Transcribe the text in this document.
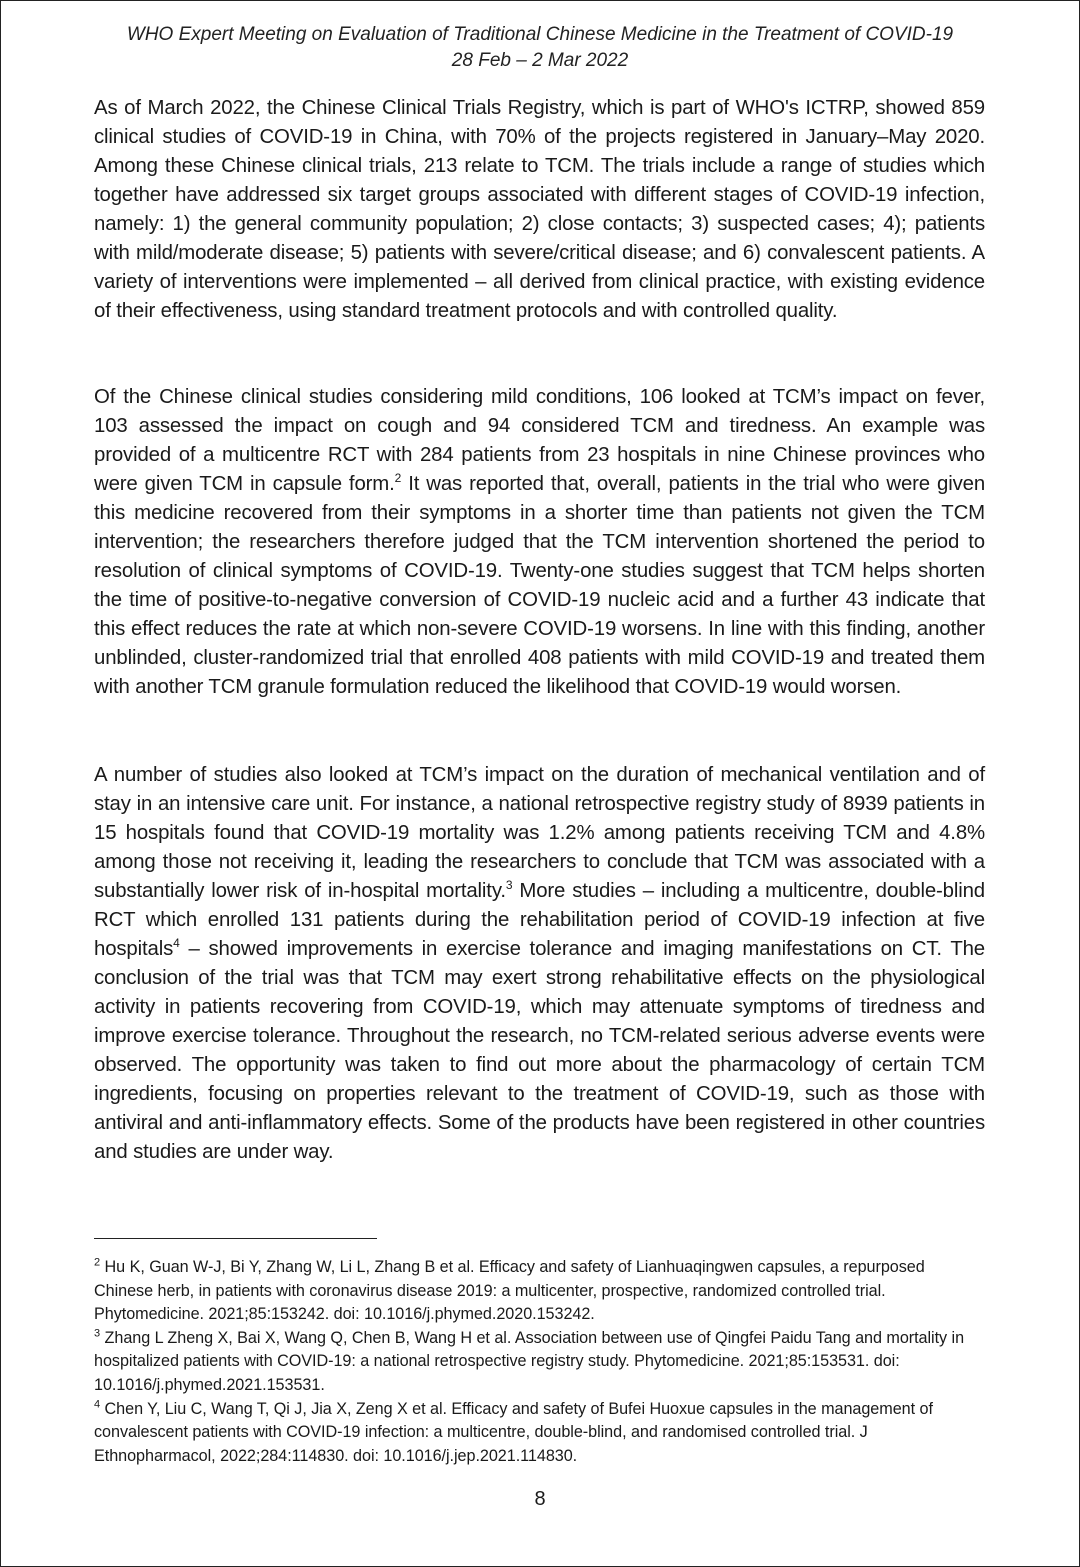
WHO Expert Meeting on Evaluation of Traditional Chinese Medicine in the Treatment of COVID-19
28 Feb – 2 Mar 2022

As of March 2022, the Chinese Clinical Trials Registry, which is part of WHO's ICTRP, showed 859 clinical studies of COVID-19 in China, with 70% of the projects registered in January–May 2020. Among these Chinese clinical trials, 213 relate to TCM. The trials include a range of studies which together have addressed six target groups associated with different stages of COVID-19 infection, namely: 1) the general community population; 2) close contacts; 3) suspected cases; 4); patients with mild/moderate disease; 5) patients with severe/critical disease; and 6) convalescent patients. A variety of interventions were implemented – all derived from clinical practice, with existing evidence of their effectiveness, using standard treatment protocols and with controlled quality.

Of the Chinese clinical studies considering mild conditions, 106 looked at TCM’s impact on fever, 103 assessed the impact on cough and 94 considered TCM and tiredness. An example was provided of a multicentre RCT with 284 patients from 23 hospitals in nine Chinese provinces who were given TCM in capsule form.$^2$ It was reported that, overall, patients in the trial who were given this medicine recovered from their symptoms in a shorter time than patients not given the TCM intervention; the researchers therefore judged that the TCM intervention shortened the period to resolution of clinical symptoms of COVID-19. Twenty-one studies suggest that TCM helps shorten the time of positive-to-negative conversion of COVID-19 nucleic acid and a further 43 indicate that this effect reduces the rate at which non-severe COVID-19 worsens. In line with this finding, another unblinded, cluster-randomized trial that enrolled 408 patients with mild COVID-19 and treated them with another TCM granule formulation reduced the likelihood that COVID-19 would worsen.

A number of studies also looked at TCM’s impact on the duration of mechanical ventilation and of stay in an intensive care unit. For instance, a national retrospective registry study of 8939 patients in 15 hospitals found that COVID-19 mortality was 1.2% among patients receiving TCM and 4.8% among those not receiving it, leading the researchers to conclude that TCM was associated with a substantially lower risk of in-hospital mortality.$^3$ More studies – including a multicentre, double-blind RCT which enrolled 131 patients during the rehabilitation period of COVID-19 infection at five hospitals$^4$ – showed improvements in exercise tolerance and imaging manifestations on CT. The conclusion of the trial was that TCM may exert strong rehabilitative effects on the physiological activity in patients recovering from COVID-19, which may attenuate symptoms of tiredness and improve exercise tolerance. Throughout the research, no TCM-related serious adverse events were observed. The opportunity was taken to find out more about the pharmacology of certain TCM ingredients, focusing on properties relevant to the treatment of COVID-19, such as those with antiviral and anti-inflammatory effects. Some of the products have been registered in other countries and studies are under way.

$^2$ Hu K, Guan W-J, Bi Y, Zhang W, Li L, Zhang B et al. Efficacy and safety of Lianhuaqingwen capsules, a repurposed Chinese herb, in patients with coronavirus disease 2019: a multicenter, prospective, randomized controlled trial. Phytomedicine. 2021;85:153242. doi: 10.1016/j.phymed.2020.153242.

$^3$ Zhang L Zheng X, Bai X, Wang Q, Chen B, Wang H et al. Association between use of Qingfei Paidu Tang and mortality in hospitalized patients with COVID-19: a national retrospective registry study. Phytomedicine. 2021;85:153531. doi: 10.1016/j.phymed.2021.153531.

$^4$ Chen Y, Liu C, Wang T, Qi J, Jia X, Zeng X et al. Efficacy and safety of Bufei Huoxue capsules in the management of convalescent patients with COVID-19 infection: a multicentre, double-blind, and randomised controlled trial. J Ethnopharmacol, 2022;284:114830. doi: 10.1016/j.jep.2021.114830.

8
